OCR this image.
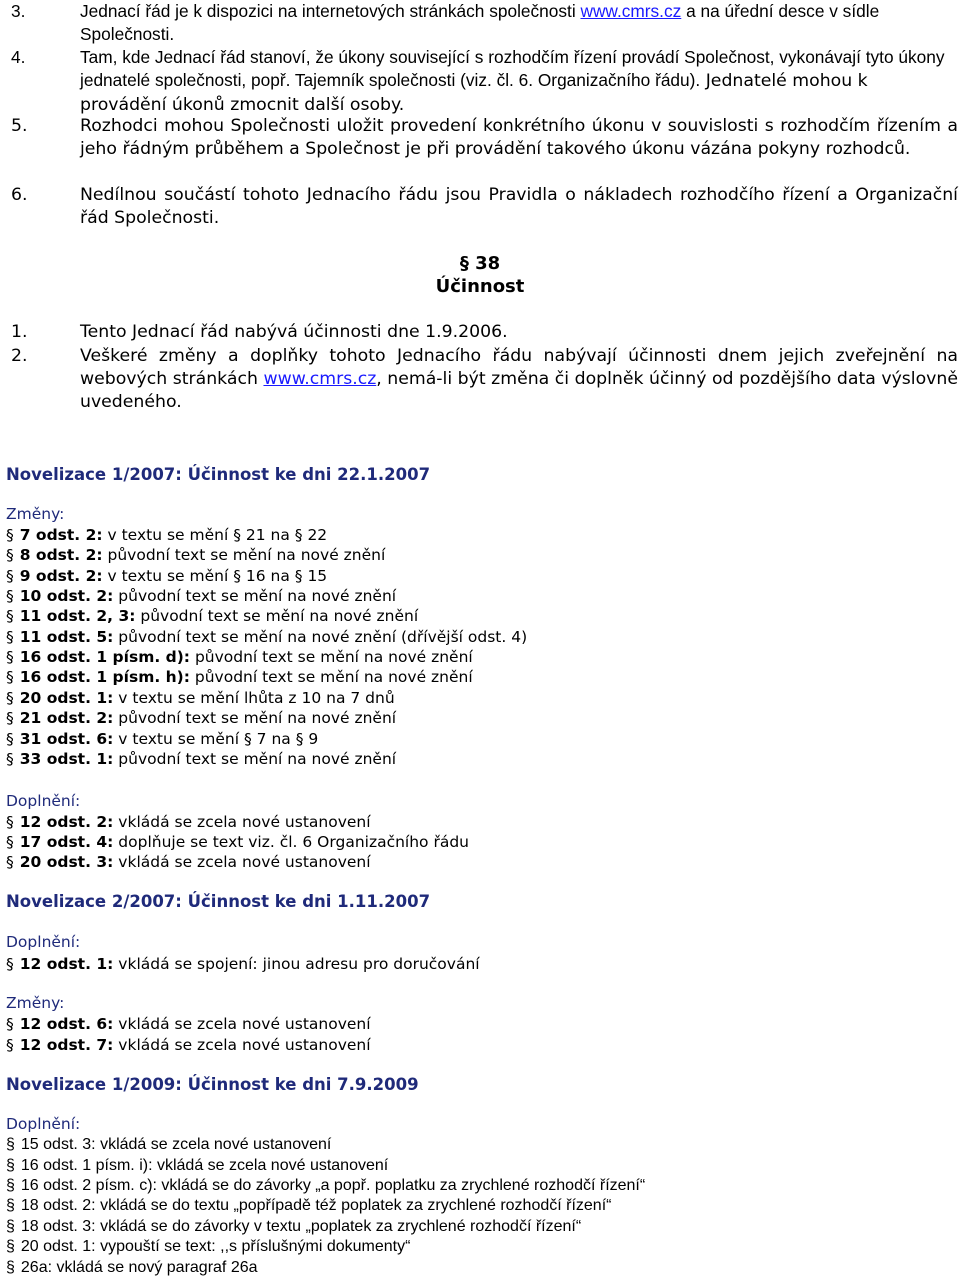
3.	Jednací řád je k dispozici na internetových stránkách společnosti www.cmrs.cz a na úřední desce v sídle Společnosti.
4.	Tam, kde Jednací řád stanoví, že úkony související s rozhodčím řízení provádí Společnost, vykonávají tyto úkony jednatelé společnosti, popř. Tajemník společnosti (viz. čl. 6. Organizačního řádu). Jednatelé mohou k provádění úkonů zmocnit další osoby.
5.	Rozhodci mohou Společnosti uložit provedení konkrétního úkonu v souvislosti s rozhodčím řízením a jeho řádným průběhem a Společnost je při provádění takového úkonu vázána pokyny rozhodců.
6.	Nedílnou součástí tohoto Jednacího řádu jsou Pravidla o nákladech rozhodčího řízení a Organizační řád Společnosti.
§ 38
Účinnost
1.	Tento Jednací řád nabývá účinnosti dne 1.9.2006.
2.	Veškeré změny a doplňky tohoto Jednacího řádu nabývají účinnosti dnem jejich zveřejnění na webových stránkách www.cmrs.cz, nemá-li být změna či doplněk účinný od pozdějšího data výslovně uvedeného.
Novelizace 1/2007: Účinnost ke dni 22.1.2007
Změny:
§ 7 odst. 2: v textu se mění § 21 na § 22
§ 8 odst. 2: původní text se mění na nové znění
§ 9 odst. 2: v textu se mění § 16 na § 15
§ 10 odst. 2: původní text se mění na nové znění
§ 11 odst. 2, 3: původní text se mění na nové znění
§ 11 odst. 5: původní text se mění na nové znění (dřívější odst. 4)
§ 16 odst. 1 písm. d): původní text se mění na nové znění
§ 16 odst. 1 písm. h): původní text se mění na nové znění
§ 20 odst. 1: v textu se mění lhůta z 10 na 7 dnů
§ 21 odst. 2: původní text se mění na nové znění
§ 31 odst. 6: v textu se mění § 7 na § 9
§ 33 odst. 1: původní text se mění na nové znění
Doplnění:
§ 12 odst. 2: vkládá se zcela nové ustanovení
§ 17 odst. 4: doplňuje se text viz. čl. 6 Organizačního řádu
§ 20 odst. 3: vkládá se zcela nové ustanovení
Novelizace 2/2007: Účinnost ke dni 1.11.2007
Doplnění:
§ 12 odst. 1: vkládá se spojení: jinou adresu pro doručování
Změny:
§ 12 odst. 6: vkládá se zcela nové ustanovení
§ 12 odst. 7: vkládá se zcela nové ustanovení
Novelizace 1/2009: Účinnost ke dni 7.9.2009
Doplnění:
§ 15 odst. 3: vkládá se zcela nové ustanovení
§ 16 odst. 1 písm. i): vkládá se zcela nové ustanovení
§ 16 odst. 2 písm. c): vkládá se do závorky „a popř. poplatku za zrychlené rozhodčí řízení“
§ 18 odst. 2: vkládá se do textu „popřípadě též poplatek za zrychlené rozhodčí řízení“
§ 18 odst. 3: vkládá se do závorky v textu „poplatek za zrychlené rozhodčí řízení“
§ 20 odst. 1: vypouští se text: ,,s příslušnými dokumenty“
§ 26a: vkládá se nový paragraf 26a
